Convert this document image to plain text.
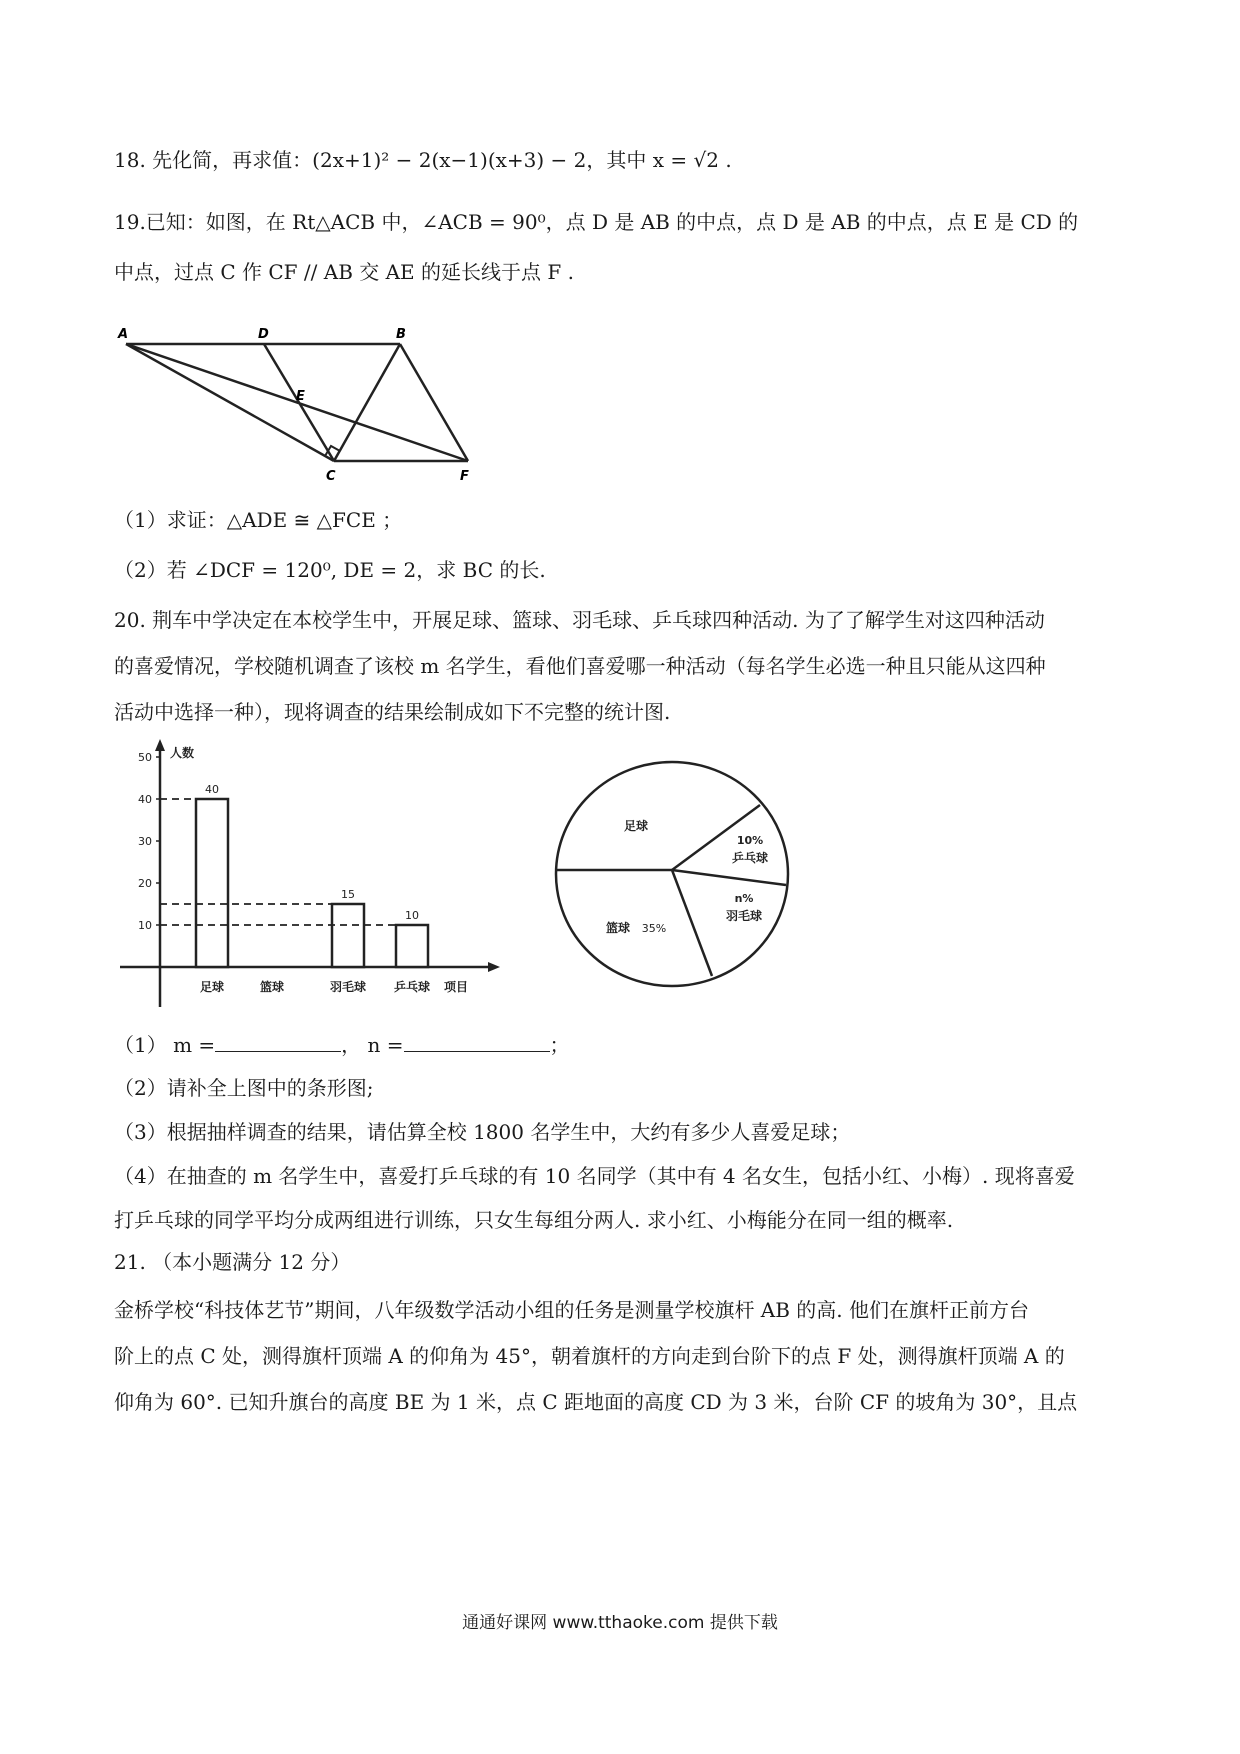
18. 先化简，再求值：(2x+1)² − 2(x−1)(x+3) − 2，其中 x = √2 .
19.已知：如图，在 Rt△ACB 中，∠ACB = 90⁰，点 D 是 AB 的中点，点 D 是 AB 的中点，点 E 是 CD 的
中点，过点 C 作 CF // AB 交 AE 的延长线于点 F .
A	D	B
E
C	F
（1）求证：△ADE ≅ △FCE ；
（2）若 ∠DCF = 120⁰, DE = 2，求 BC 的长.
20. 荆车中学决定在本校学生中，开展足球、篮球、羽毛球、乒乓球四种活动. 为了了解学生对这四种活动
的喜爱情况，学校随机调查了该校 m 名学生，看他们喜爱哪一种活动（每名学生必选一种且只能从这四种
活动中选择一种），现将调查的结果绘制成如下不完整的统计图.
人数
项目
10
20
30
40
50
40
足球	篮球
15
羽毛球
10
乒乓球
足球
10%
乒乓球
n%
羽毛球
篮球 35%
（1） m =	， n =	；
（2）请补全上图中的条形图;
（3）根据抽样调查的结果，请估算全校 1800 名学生中，大约有多少人喜爱足球；
（4）在抽查的 m 名学生中，喜爱打乒乓球的有 10 名同学（其中有 4 名女生，包括小红、小梅）. 现将喜爱
打乒乓球的同学平均分成两组进行训练，只女生每组分两人. 求小红、小梅能分在同一组的概率.
21. （本小题满分 12 分）
金桥学校“科技体艺节”期间，八年级数学活动小组的任务是测量学校旗杆 AB 的高. 他们在旗杆正前方台
阶上的点 C 处，测得旗杆顶端 A 的仰角为 45°，朝着旗杆的方向走到台阶下的点 F 处，测得旗杆顶端 A 的
仰角为 60°. 已知升旗台的高度 BE 为 1 米，点 C 距地面的高度 CD 为 3 米，台阶 CF 的坡角为 30°，且点
通通好课网 www.tthaoke.com 提供下载
